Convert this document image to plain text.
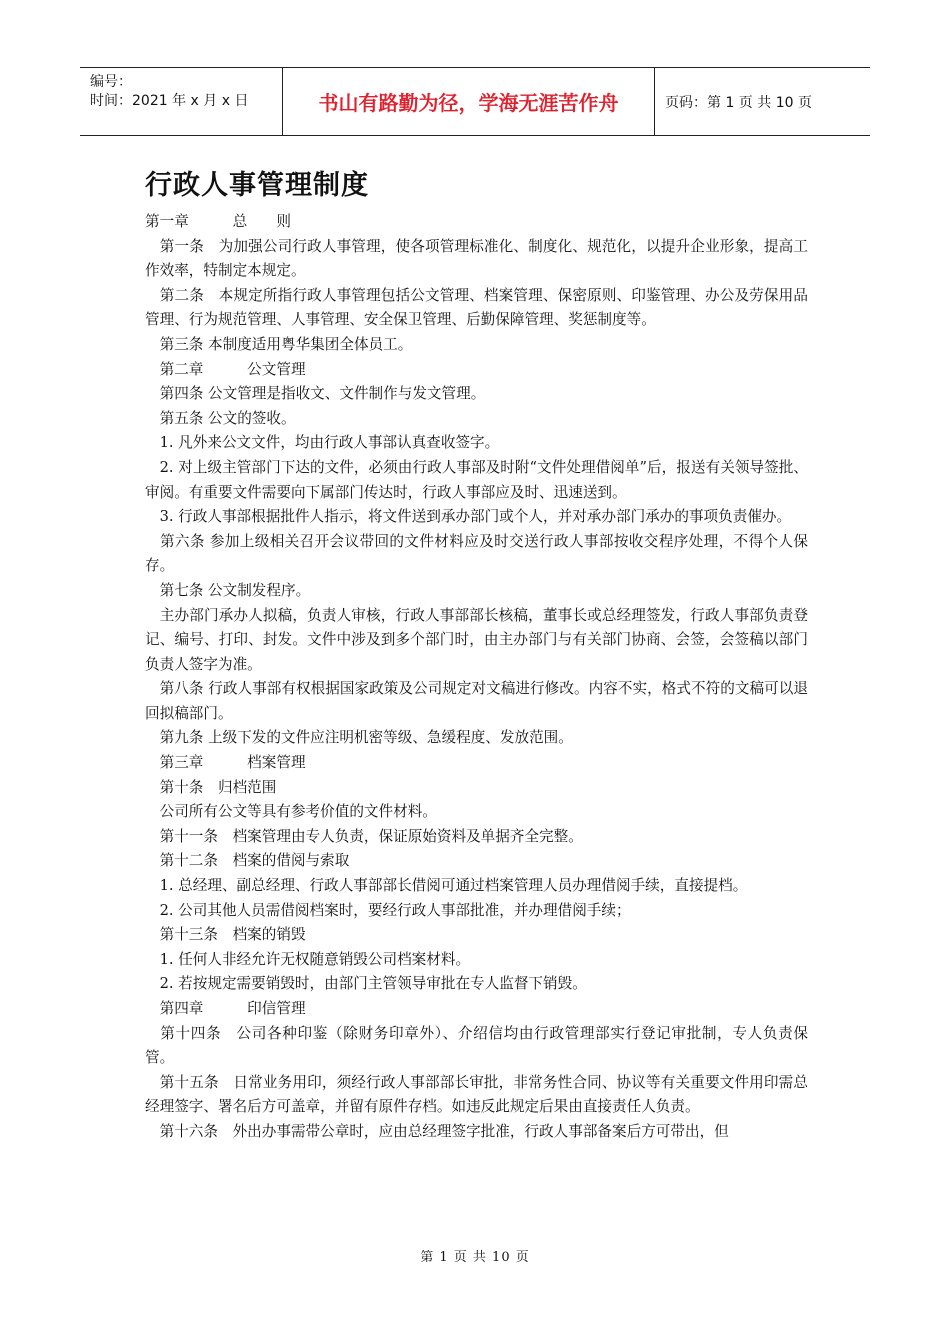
编号：
时间：2021 年 x 月 x 日	书山有路勤为径，学海无涯苦作舟	页码：第 1 页 共 10 页
行政人事管理制度

第一章　　　总　　则

　第一条　为加强公司行政人事管理，使各项管理标准化、制度化、规范化，以提升企业形象，提高工作效率，特制定本规定。

　第二条　本规定所指行政人事管理包括公文管理、档案管理、保密原则、印鉴管理、办公及劳保用品管理、行为规范管理、人事管理、安全保卫管理、后勤保障管理、奖惩制度等。

　第三条 本制度适用粤华集团全体员工。

　第二章　　　公文管理

　第四条 公文管理是指收文、文件制作与发文管理。

　第五条 公文的签收。

　1. 凡外来公文文件，均由行政人事部认真查收签字。

　2. 对上级主管部门下达的文件，必须由行政人事部及时附“文件处理借阅单”后，报送有关领导签批、审阅。有重要文件需要向下属部门传达时，行政人事部应及时、迅速送到。

　3. 行政人事部根据批件人指示，将文件送到承办部门或个人，并对承办部门承办的事项负责催办。

　第六条 参加上级相关召开会议带回的文件材料应及时交送行政人事部按收交程序处理，不得个人保存。

　第七条 公文制发程序。

　主办部门承办人拟稿，负责人审核，行政人事部部长核稿，董事长或总经理签发，行政人事部负责登记、编号、打印、封发。文件中涉及到多个部门时，由主办部门与有关部门协商、会签，会签稿以部门负责人签字为准。

　第八条 行政人事部有权根据国家政策及公司规定对文稿进行修改。内容不实，格式不符的文稿可以退回拟稿部门。

　第九条 上级下发的文件应注明机密等级、急缓程度、发放范围。

　第三章　　　档案管理

　第十条　归档范围

　公司所有公文等具有参考价值的文件材料。

　第十一条　档案管理由专人负责，保证原始资料及单据齐全完整。

　第十二条　档案的借阅与索取

　1. 总经理、副总经理、行政人事部部长借阅可通过档案管理人员办理借阅手续，直接提档。

　2. 公司其他人员需借阅档案时，要经行政人事部批准，并办理借阅手续；

　第十三条　档案的销毁

　1. 任何人非经允许无权随意销毁公司档案材料。

　2. 若按规定需要销毁时，由部门主管领导审批在专人监督下销毁。

　第四章　　　印信管理

　第十四条　公司各种印鉴（除财务印章外）、介绍信均由行政管理部实行登记审批制，专人负责保管。

　第十五条　日常业务用印，须经行政人事部部长审批，非常务性合同、协议等有关重要文件用印需总经理签字、署名后方可盖章，并留有原件存档。如违反此规定后果由直接责任人负责。

　第十六条　外出办事需带公章时，应由总经理签字批准，行政人事部备案后方可带出，但

第 1 页 共 10 页
